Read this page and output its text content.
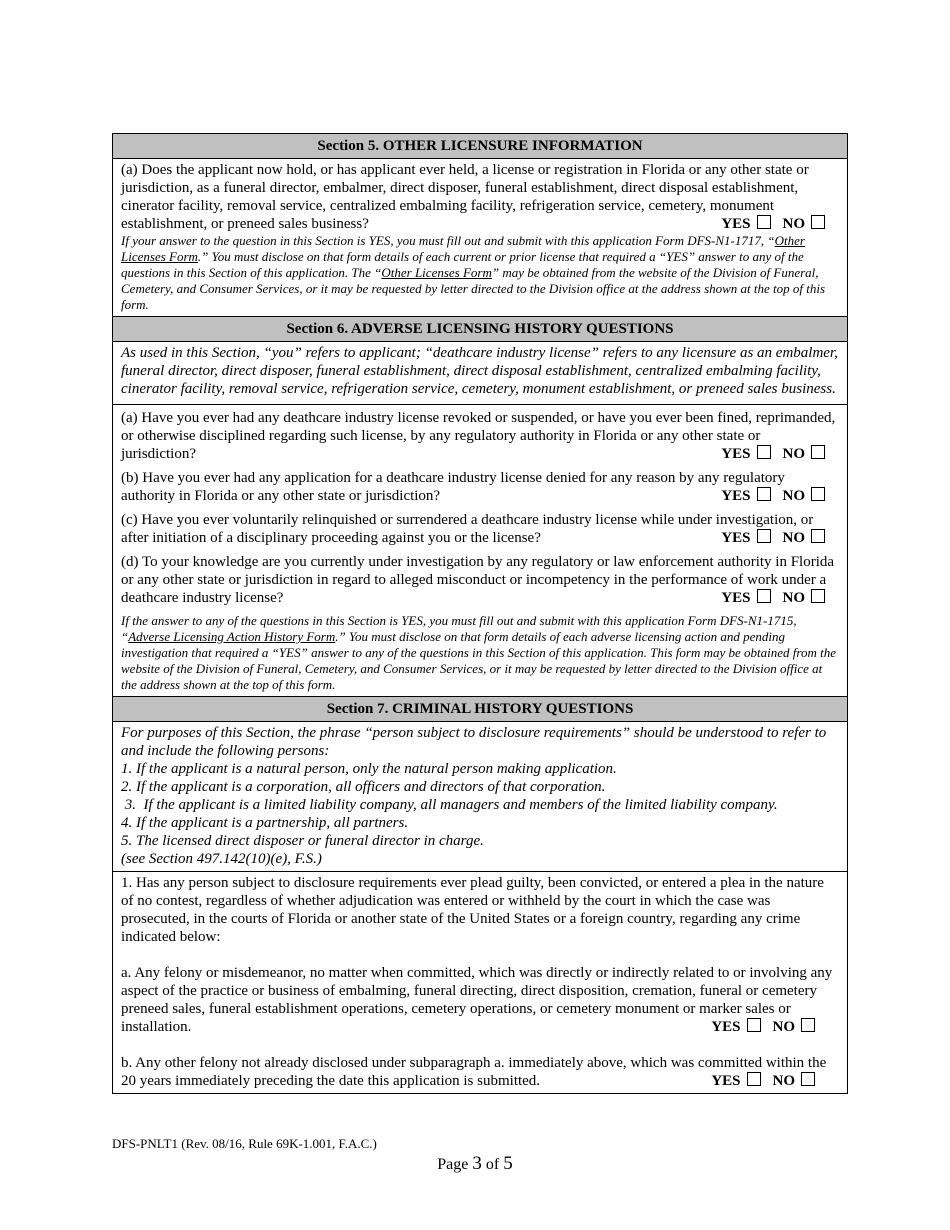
Section 5. OTHER LICENSURE INFORMATION

(a) Does the applicant now hold, or has applicant ever held, a license or registration in Florida or any other state or jurisdiction, as a funeral director, embalmer, direct disposer, funeral establishment, direct disposal establishment, cinerator facility, removal service, centralized embalming facility, refrigeration service, cemetery, monument establishment, or preneed sales business?	YES NO

If your answer to the question in this Section is YES, you must fill out and submit with this application Form DFS-N1-1717, “Other Licenses Form.” You must disclose on that form details of each current or prior license that required a “YES” answer to any of the questions in this Section of this application. The “Other Licenses Form” may be obtained from the website of the Division of Funeral, Cemetery, and Consumer Services, or it may be requested by letter directed to the Division office at the address shown at the top of this form.

Section 6. ADVERSE LICENSING HISTORY QUESTIONS
As used in this Section, “you” refers to applicant; “deathcare industry license” refers to any licensure as an embalmer, funeral director, direct disposer, funeral establishment, direct disposal establishment, centralized embalming facility, cinerator facility, removal service, refrigeration service, cemetery, monument establishment, or preneed sales business.

(a) Have you ever had any deathcare industry license revoked or suspended, or have you ever been fined, reprimanded, or otherwise disciplined regarding such license, by any regulatory authority in Florida or any other state or jurisdiction?	YES NO

(b) Have you ever had any application for a deathcare industry license denied for any reason by any regulatory authority in Florida or any other state or jurisdiction?	YES NO

(c) Have you ever voluntarily relinquished or surrendered a deathcare industry license while under investigation, or after initiation of a disciplinary proceeding against you or the license?	YES NO

(d) To your knowledge are you currently under investigation by any regulatory or law enforcement authority in Florida or any other state or jurisdiction in regard to alleged misconduct or incompetency in the performance of work under a deathcare industry license?	YES NO

If the answer to any of the questions in this Section is YES, you must fill out and submit with this application Form DFS-N1-1715, “Adverse Licensing Action History Form.” You must disclose on that form details of each adverse licensing action and pending investigation that required a “YES” answer to any of the questions in this Section of this application. This form may be obtained from the website of the Division of Funeral, Cemetery, and Consumer Services, or it may be requested by letter directed to the Division office at the address shown at the top of this form.

Section 7. CRIMINAL HISTORY QUESTIONS

For purposes of this Section, the phrase “person subject to disclosure requirements” should be understood to refer to and include the following persons:

1. If the applicant is a natural person, only the natural person making application.

2. If the applicant is a corporation, all officers and directors of that corporation.

3.  If the applicant is a limited liability company, all managers and members of the limited liability company.

4. If the applicant is a partnership, all partners.

5. The licensed direct disposer or funeral director in charge.

(see Section 497.142(10)(e), F.S.)

1. Has any person subject to disclosure requirements ever plead guilty, been convicted, or entered a plea in the nature of no contest, regardless of whether adjudication was entered or withheld by the court in which the case was prosecuted, in the courts of Florida or another state of the United States or a foreign country, regarding any crime indicated below:

a. Any felony or misdemeanor, no matter when committed, which was directly or indirectly related to or involving any aspect of the practice or business of embalming, funeral directing, direct disposition, cremation, funeral or cemetery preneed sales, funeral establishment operations, cemetery operations, or cemetery monument or marker sales or installation.	YES NO

b. Any other felony not already disclosed under subparagraph a. immediately above, which was committed within the 20 years immediately preceding the date this application is submitted.	YES NO

DFS-PNLT1 (Rev. 08/16, Rule 69K-1.001, F.A.C.)
Page 3 of 5
